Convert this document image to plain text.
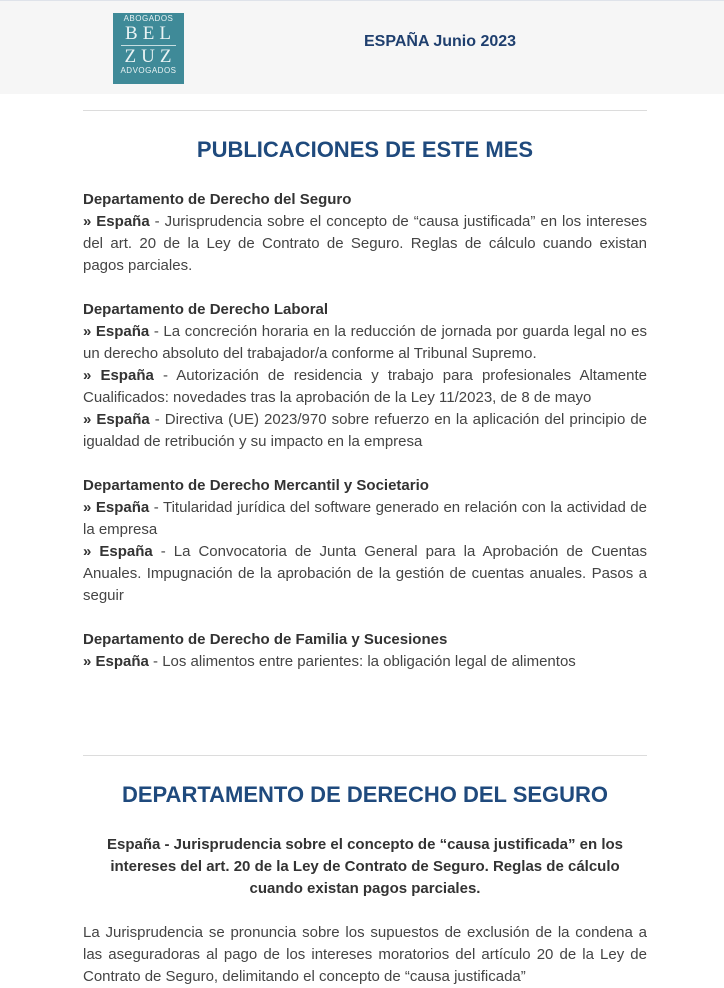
ABOGADOS
BEL
ZUZ
ADVOGADOS
ESPAÑA Junio 2023
PUBLICACIONES DE ESTE MES
Departamento de Derecho del Seguro
» España - Jurisprudencia sobre el concepto de “causa justificada” en los intereses del art. 20 de la Ley de Contrato de Seguro. Reglas de cálculo cuando existan pagos parciales.
Departamento de Derecho Laboral
» España - La concreción horaria en la reducción de jornada por guarda legal no es un derecho absoluto del trabajador/a conforme al Tribunal Supremo.
» España - Autorización de residencia y trabajo para profesionales Altamente Cualificados: novedades tras la aprobación de la Ley 11/2023, de 8 de mayo
» España - Directiva (UE) 2023/970 sobre refuerzo en la aplicación del principio de igualdad de retribución y su impacto en la empresa
Departamento de Derecho Mercantil y Societario
» España - Titularidad jurídica del software generado en relación con la actividad de la empresa
» España - La Convocatoria de Junta General para la Aprobación de Cuentas Anuales. Impugnación de la aprobación de la gestión de cuentas anuales. Pasos a seguir
Departamento de Derecho de Familia y Sucesiones
» España - Los alimentos entre parientes: la obligación legal de alimentos
DEPARTAMENTO DE DERECHO DEL SEGURO
España - Jurisprudencia sobre el concepto de “causa justificada” en los intereses del art. 20 de la Ley de Contrato de Seguro. Reglas de cálculo cuando existan pagos parciales.
La Jurisprudencia se pronuncia sobre los supuestos de exclusión de la condena a las aseguradoras al pago de los intereses moratorios del artículo 20 de la Ley de Contrato de Seguro, delimitando el concepto de “causa justificada”
